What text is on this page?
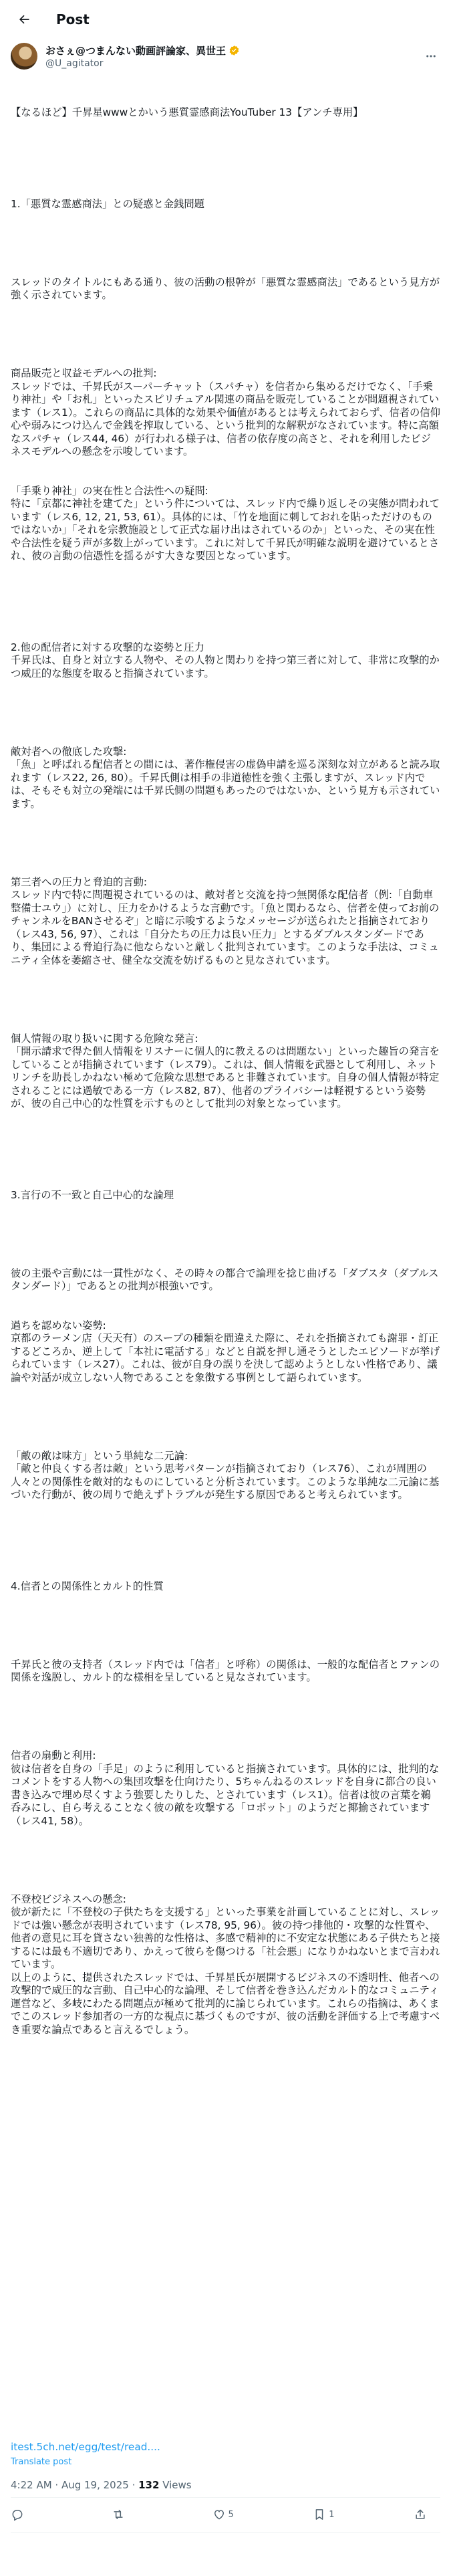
Post
おさぇ@つまんない動画評論家、異世王
@U_agitator

【なるほど】千昇星wwwとかいう悪質霊感商法YouTuber 13【アンチ専用】

1.「悪質な霊感商法」との疑惑と金銭問題

スレッドのタイトルにもある通り、彼の活動の根幹が「悪質な霊感商法」であるという見方が強く示されています。

商品販売と収益モデルへの批判:
スレッドでは、千昇氏がスーパーチャット（スパチャ）を信者から集めるだけでなく、「手乗り神社」や「お札」といったスピリチュアル関連の商品を販売していることが問題視されています（レス1）。これらの商品に具体的な効果や価値があるとは考えられておらず、信者の信仰心や弱みにつけ込んで金銭を搾取している、という批判的な解釈がなされています。特に高額なスパチャ（レス44, 46）が行われる様子は、信者の依存度の高さと、それを利用したビジネスモデルへの懸念を示唆しています。

「手乗り神社」の実在性と合法性への疑問:
特に「京都に神社を建てた」という件については、スレッド内で繰り返しその実態が問われています（レス6, 12, 21, 53, 61）。具体的には、「竹を地面に刺しておれを貼っただけのものではないか」「それを宗教施設として正式な届け出はされているのか」といった、その実在性や合法性を疑う声が多数上がっています。これに対して千昇氏が明確な説明を避けているとされ、彼の言動の信憑性を揺るがす大きな要因となっています。

2.他の配信者に対する攻撃的な姿勢と圧力
千昇氏は、自身と対立する人物や、その人物と関わりを持つ第三者に対して、非常に攻撃的かつ威圧的な態度を取ると指摘されています。

敵対者への徹底した攻撃:
「魚」と呼ばれる配信者との間には、著作権侵害の虚偽申請を巡る深刻な対立があると読み取れます（レス22, 26, 80）。千昇氏側は相手の非道徳性を強く主張しますが、スレッド内では、そもそも対立の発端には千昇氏側の問題もあったのではないか、という見方も示されています。

第三者への圧力と脅迫的言動:
スレッド内で特に問題視されているのは、敵対者と交流を持つ無関係な配信者（例:「自動車整備士ユウ」）に対し、圧力をかけるような言動です。「魚と関わるなら、信者を使ってお前のチャンネルをBANさせるぞ」と暗に示唆するようなメッセージが送られたと指摘されており（レス43, 56, 97）、これは「自分たちの圧力は良い圧力」とするダブルスタンダードであり、集団による脅迫行為に他ならないと厳しく批判されています。このような手法は、コミュニティ全体を萎縮させ、健全な交流を妨げるものと見なされています。

個人情報の取り扱いに関する危険な発言:
「開示請求で得た個人情報をリスナーに個人的に教えるのは問題ない」といった趣旨の発言をしていることが指摘されています（レス79）。これは、個人情報を武器として利用し、ネットリンチを助長しかねない極めて危険な思想であると非難されています。自身の個人情報が特定されることには過敏である一方（レス82, 87）、他者のプライバシーは軽視するという姿勢が、彼の自己中心的な性質を示すものとして批判の対象となっています。

3.言行の不一致と自己中心的な論理

彼の主張や言動には一貫性がなく、その時々の都合で論理を捻じ曲げる「ダブスタ（ダブルスタンダード）」であるとの批判が根強いです。

過ちを認めない姿勢:
京都のラーメン店（天天有）のスープの種類を間違えた際に、それを指摘されても謝罪・訂正するどころか、逆上して「本社に電話する」などと自説を押し通そうとしたエピソードが挙げられています（レス27）。これは、彼が自身の誤りを決して認めようとしない性格であり、議論や対話が成立しない人物であることを象徴する事例として語られています。

「敵の敵は味方」という単純な二元論:
「敵と仲良くする者は敵」という思考パターンが指摘されており（レス76）、これが周囲の人々との関係性を敵対的なものにしていると分析されています。このような単純な二元論に基づいた行動が、彼の周りで絶えずトラブルが発生する原因であると考えられています。

4.信者との関係性とカルト的性質

千昇氏と彼の支持者（スレッド内では「信者」と呼称）の関係は、一般的な配信者とファンの関係を逸脱し、カルト的な様相を呈していると見なされています。

信者の扇動と利用:
彼は信者を自身の「手足」のように利用していると指摘されています。具体的には、批判的なコメントをする人物への集団攻撃を仕向けたり、5ちゃんねるのスレッドを自身に都合の良い書き込みで埋め尽くすよう強要したりした、とされています（レス1）。信者は彼の言葉を鵜呑みにし、自ら考えることなく彼の敵を攻撃する「ロボット」のようだと揶揄されています（レス41, 58）。

不登校ビジネスへの懸念:
彼が新たに「不登校の子供たちを支援する」といった事業を計画していることに対し、スレッドでは強い懸念が表明されています（レス78, 95, 96）。彼の持つ排他的・攻撃的な性質や、他者の意見に耳を貸さない独善的な性格は、多感で精神的に不安定な状態にある子供たちと接するには最も不適切であり、かえって彼らを傷つける「社会悪」になりかねないとまで言われています。
以上のように、提供されたスレッドでは、千昇星氏が展開するビジネスの不透明性、他者への攻撃的で威圧的な言動、自己中心的な論理、そして信者を巻き込んだカルト的なコミュニティ運営など、多岐にわたる問題点が極めて批判的に論じられています。これらの指摘は、あくまでこのスレッド参加者の一方的な視点に基づくものですが、彼の活動を評価する上で考慮すべき重要な論点であると言えるでしょう。

itest.5ch.net/egg/test/read....
Translate post
4:22 AM · Aug 19, 2025 · 132 Views
5	1
